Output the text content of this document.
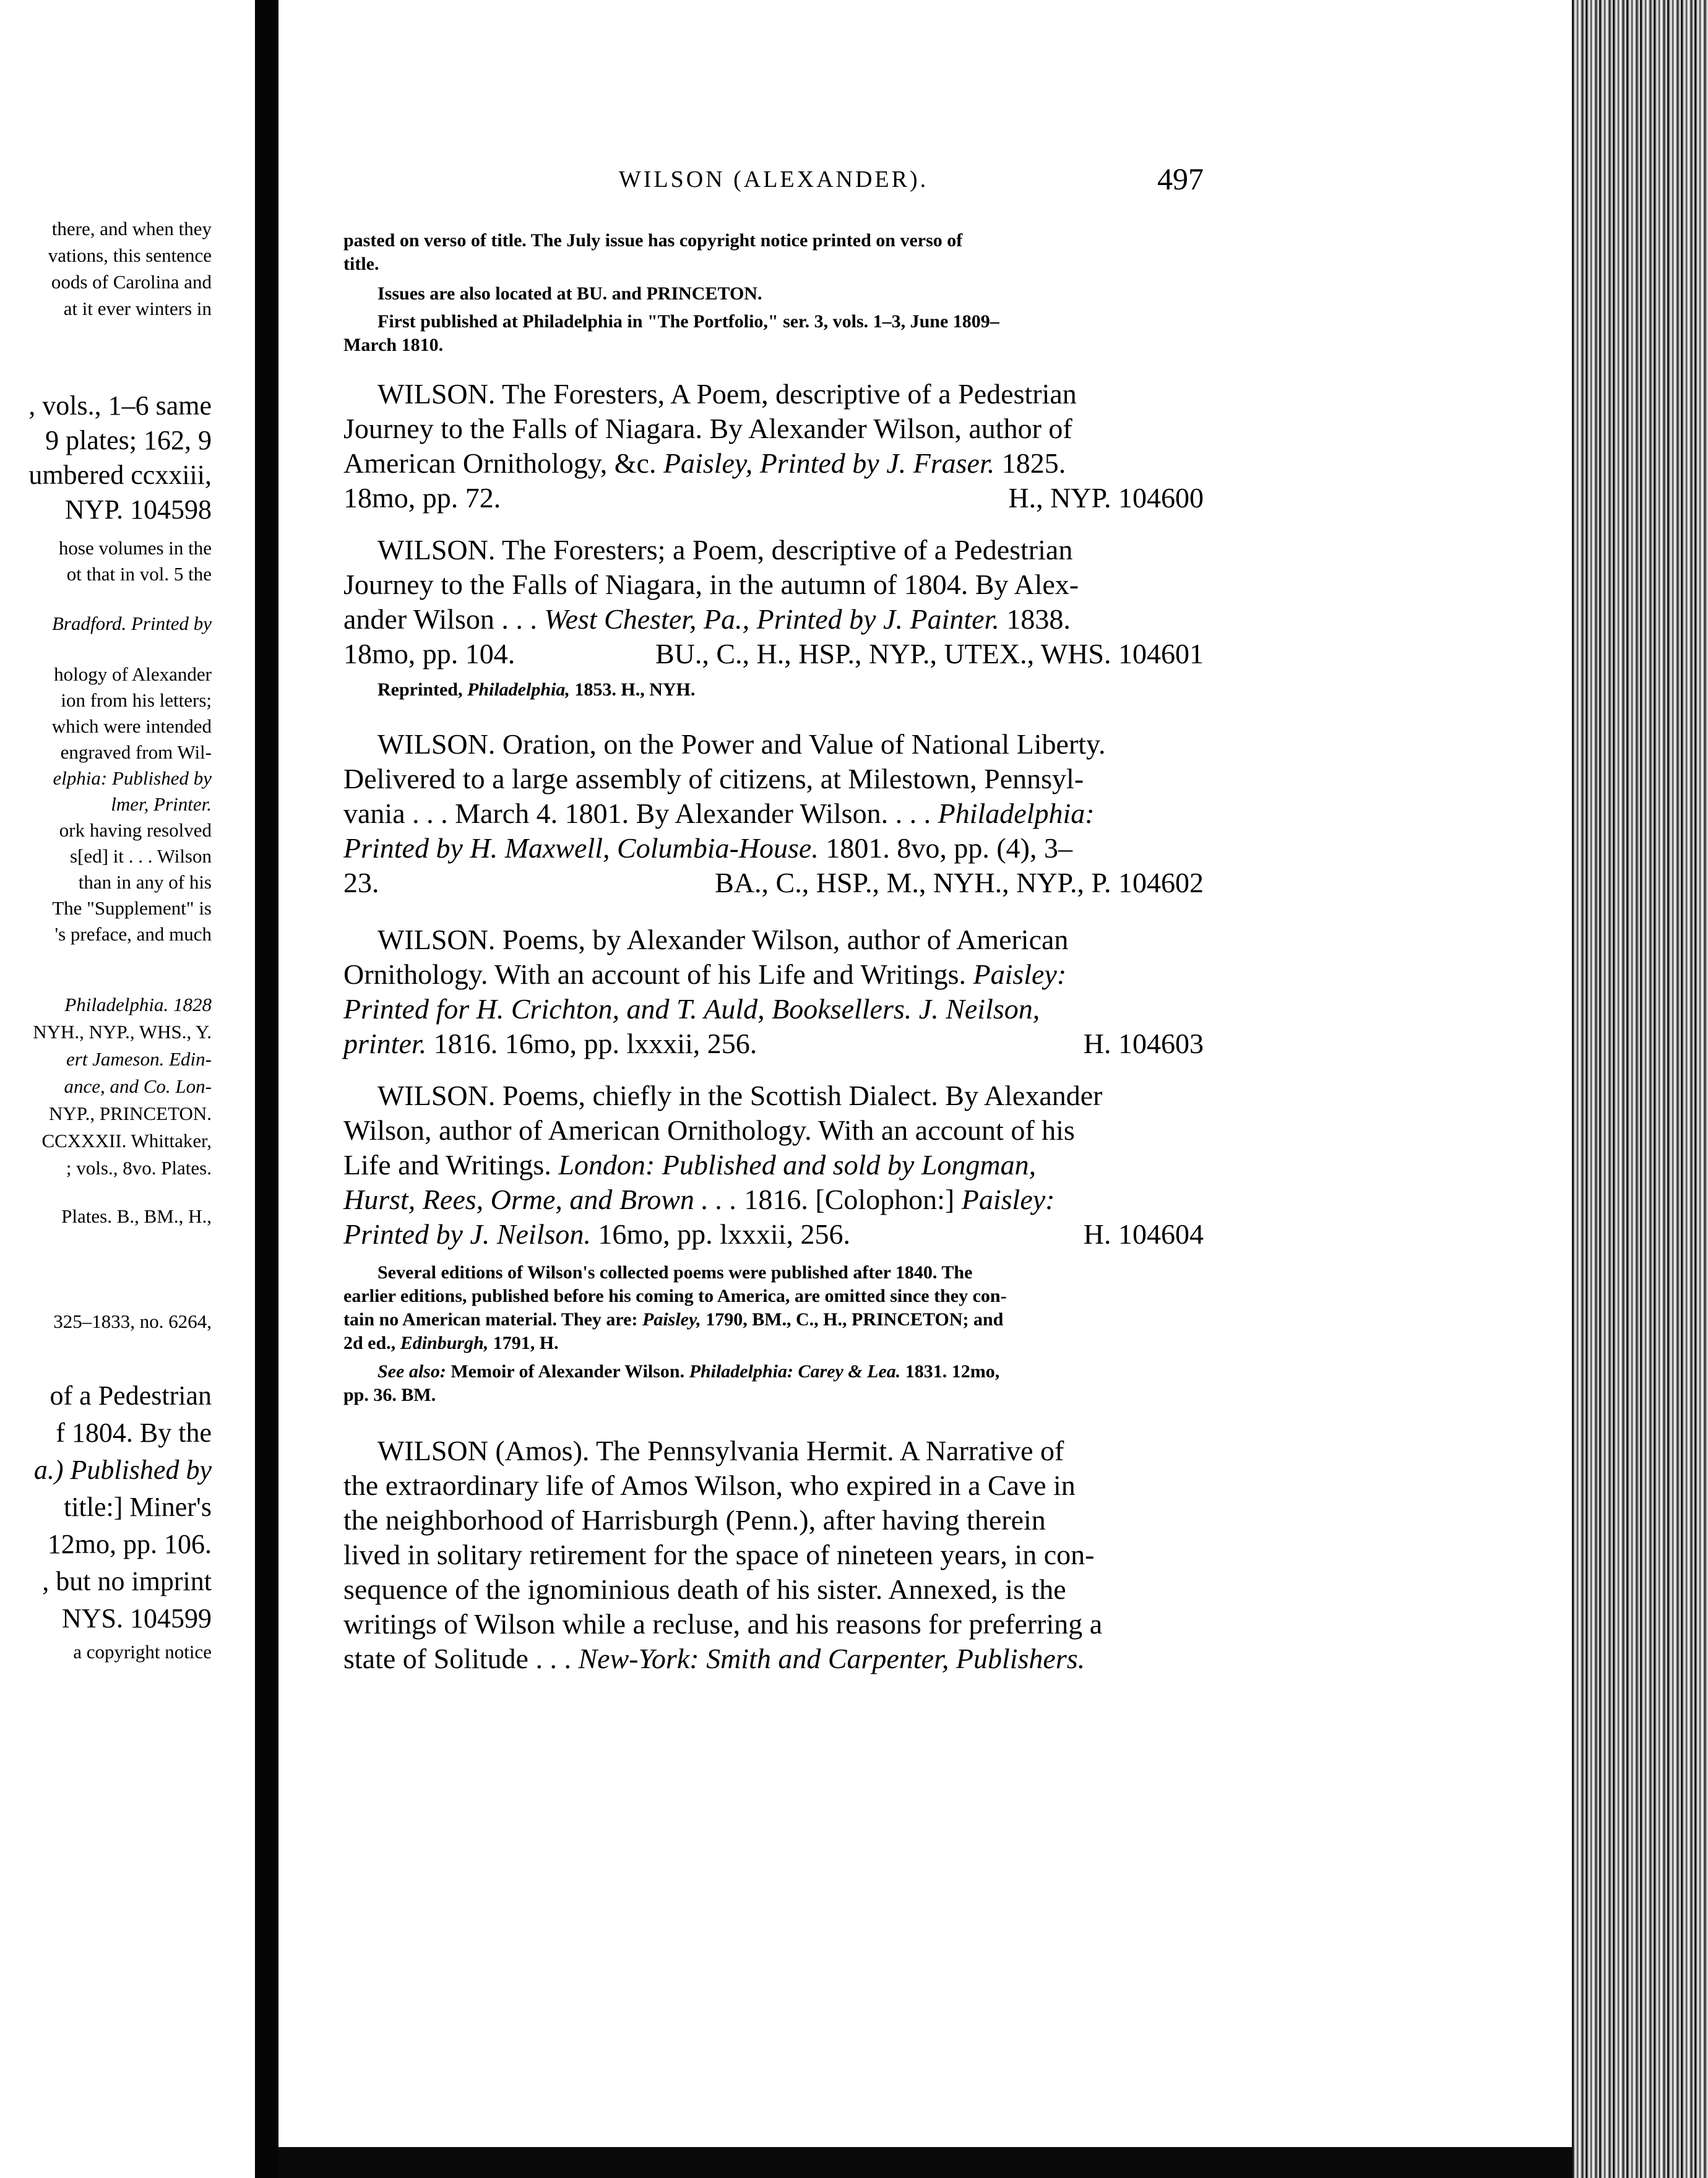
there, and when they
vations, this sentence
oods of Carolina and
at it ever winters in
, vols., 1–6 same
9 plates; 162, 9
umbered ccxxiii,
NYP. 104598
hose volumes in the
ot that in vol. 5 the
Bradford. Printed by
hology of Alexander
ion from his letters;
which were intended
engraved from Wil-
elphia: Published by
lmer, Printer.
ork having resolved
s[ed] it . . . Wilson
than in any of his
The "Supplement" is
's preface, and much
Philadelphia. 1828
NYH., NYP., WHS., Y.
ert Jameson. Edin-
ance, and Co. Lon-
NYP., PRINCETON.
CCXXXII. Whittaker,
; vols., 8vo. Plates.
Plates. B., BM., H.,
325–1833, no. 6264,
of a Pedestrian
f 1804. By the
a.) Published by
title:] Miner's
12mo, pp. 106.
, but no imprint
NYS. 104599
a copyright notice
WILSON (ALEXANDER).	497
pasted on verso of title. The July issue has copyright notice printed on verso of
title.
Issues are also located at BU. and PRINCETON.
First published at Philadelphia in "The Portfolio," ser. 3, vols. 1–3, June 1809–
March 1810.
WILSON. The Foresters, A Poem, descriptive of a Pedestrian
Journey to the Falls of Niagara. By Alexander Wilson, author of
American Ornithology, &c. Paisley, Printed by J. Fraser. 1825.
18mo, pp. 72.	H., NYP. 104600
WILSON. The Foresters; a Poem, descriptive of a Pedestrian
Journey to the Falls of Niagara, in the autumn of 1804. By Alex-
ander Wilson . . . West Chester, Pa., Printed by J. Painter. 1838.
18mo, pp. 104.	BU., C., H., HSP., NYP., UTEX., WHS. 104601
Reprinted, Philadelphia, 1853. H., NYH.
WILSON. Oration, on the Power and Value of National Liberty.
Delivered to a large assembly of citizens, at Milestown, Pennsyl-
vania . . . March 4. 1801. By Alexander Wilson. . . . Philadelphia:
Printed by H. Maxwell, Columbia-House. 1801. 8vo, pp. (4), 3–
23.	BA., C., HSP., M., NYH., NYP., P. 104602
WILSON. Poems, by Alexander Wilson, author of American
Ornithology. With an account of his Life and Writings. Paisley:
Printed for H. Crichton, and T. Auld, Booksellers. J. Neilson,
printer. 1816. 16mo, pp. lxxxii, 256.	H. 104603
WILSON. Poems, chiefly in the Scottish Dialect. By Alexander
Wilson, author of American Ornithology. With an account of his
Life and Writings. London: Published and sold by Longman,
Hurst, Rees, Orme, and Brown . . . 1816. [Colophon:] Paisley:
Printed by J. Neilson. 16mo, pp. lxxxii, 256.	H. 104604
Several editions of Wilson's collected poems were published after 1840. The
earlier editions, published before his coming to America, are omitted since they con-
tain no American material. They are: Paisley, 1790, BM., C., H., PRINCETON; and
2d ed., Edinburgh, 1791, H.
See also: Memoir of Alexander Wilson. Philadelphia: Carey & Lea. 1831. 12mo,
pp. 36. BM.
WILSON (Amos). The Pennsylvania Hermit. A Narrative of
the extraordinary life of Amos Wilson, who expired in a Cave in
the neighborhood of Harrisburgh (Penn.), after having therein
lived in solitary retirement for the space of nineteen years, in con-
sequence of the ignominious death of his sister. Annexed, is the
writings of Wilson while a recluse, and his reasons for preferring a
state of Solitude . . . New-York: Smith and Carpenter, Publishers.
